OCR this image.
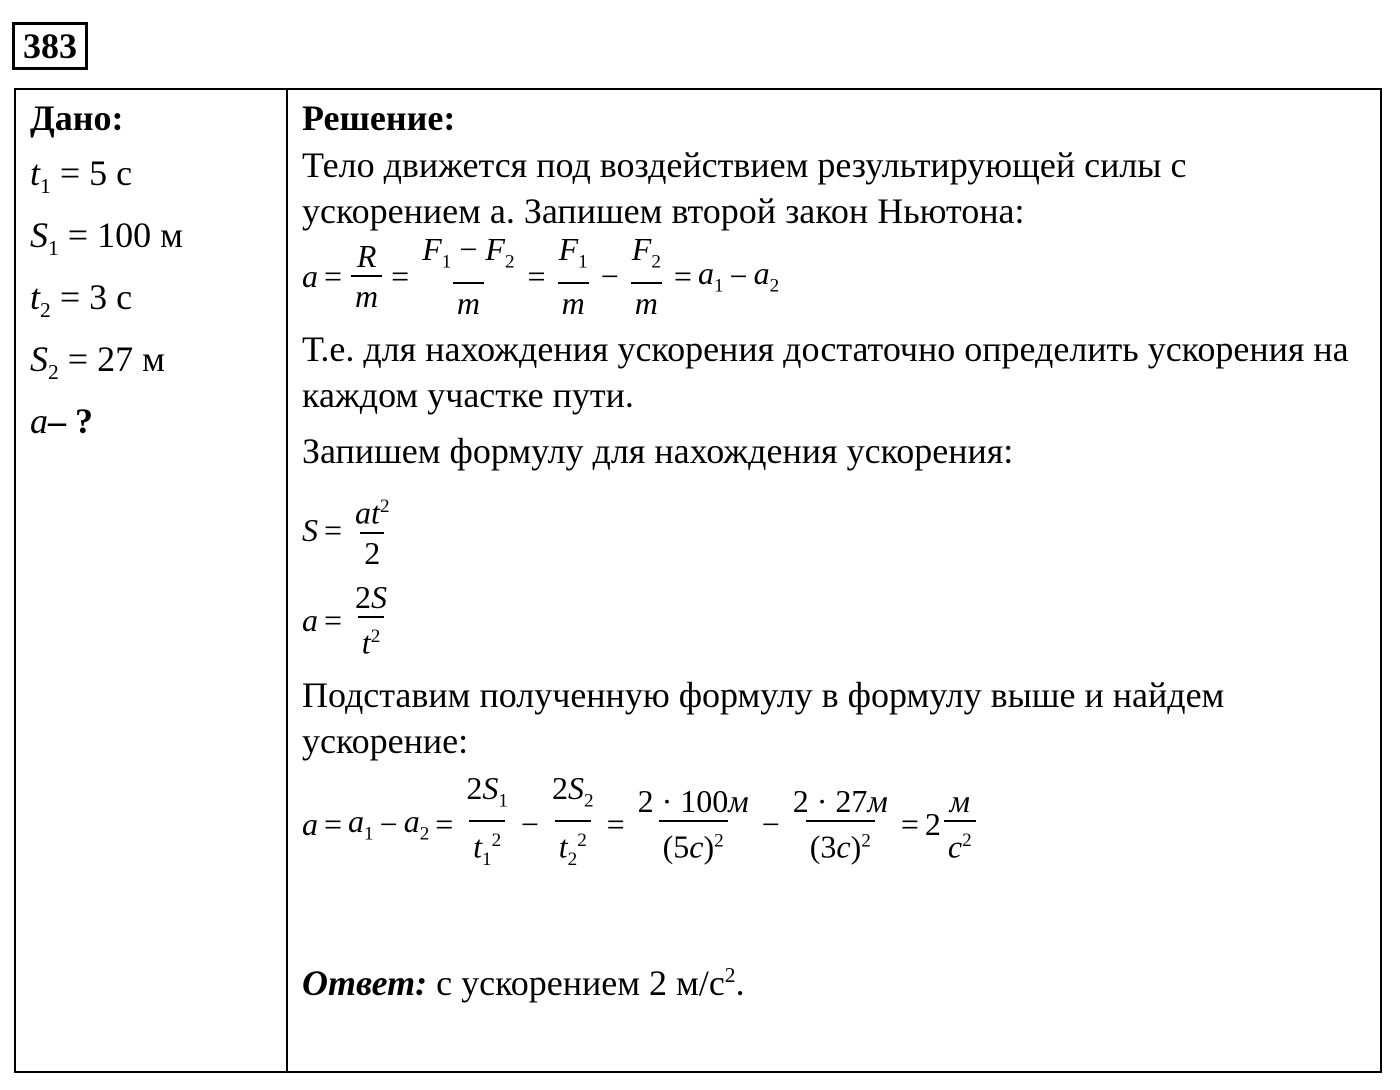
383
Дано:
$t_1 = 5$ с
$S_1 = 100$ м
$t_2 = 3$ с
$S_2 = 27$ м
a– ?
Решение:

Тело движется под воздействием результирующей силы с ускорением а. Запишем второй закон Ньютона:

$a = \frac{R}{m} = \frac{F_1 - F_2}{m} = \frac{F_1}{m} - \frac{F_2}{m} = a_1 - a_2$

Т.е. для нахождения ускорения достаточно определить ускорения на каждом участке пути.

Запишем формулу для нахождения ускорения:

$S = \frac{at^2}{2}$
$a = \frac{2S}{t^2}$

Подставим полученную формулу в формулу выше и найдем ускорение:

$a = a_1 - a_2 = \frac{2S_1}{t_1^2} - \frac{2S_2}{t_2^2} = \frac{2 \cdot 100м}{(5с)^2} - \frac{2 \cdot 27м}{(3с)^2} = 2 \frac{м}{с^2}$
Ответ: с ускорением 2 $м/с^2$.
